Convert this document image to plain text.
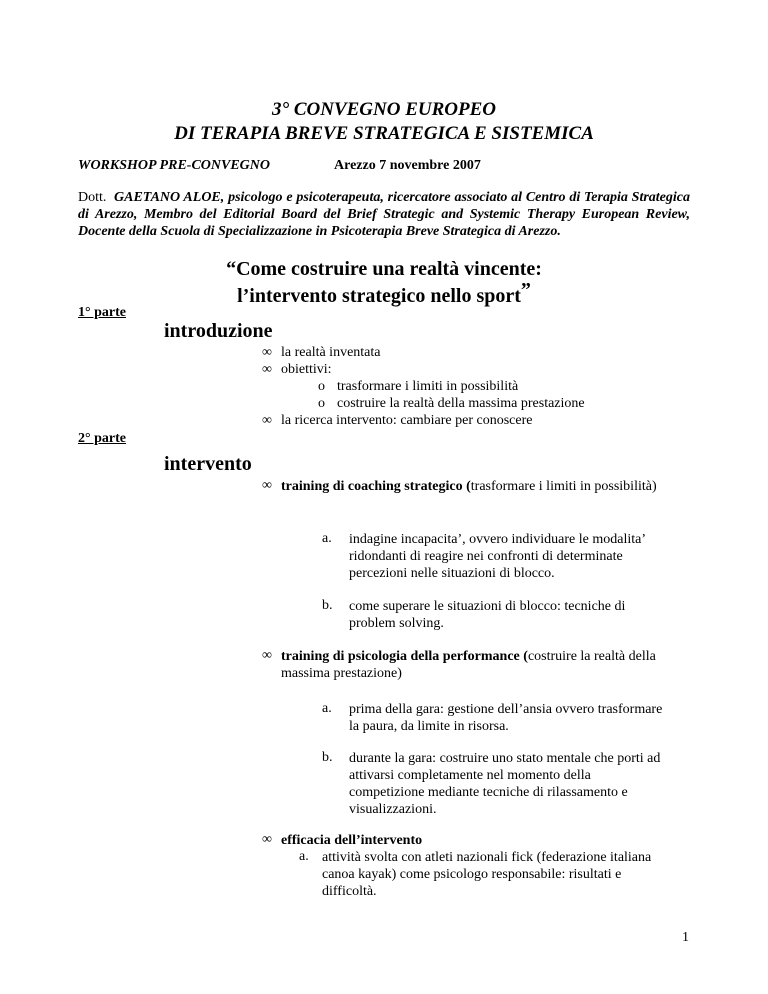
3° CONVEGNO EUROPEO
DI TERAPIA BREVE STRATEGICA E SISTEMICA
WORKSHOP PRE-CONVEGNO	Arezzo 7 novembre 2007
Dott. GAETANO ALOE, psicologo e psicoterapeuta, ricercatore associato al Centro di Terapia Strategica di Arezzo, Membro del Editorial Board del Brief Strategic and Systemic Therapy European Review, Docente della Scuola di Specializzazione in Psicoterapia Breve Strategica di Arezzo.
“Come costruire una realtà vincente:
l’intervento strategico nello sport”
1° parte
introduzione
∞ la realtà inventata
∞ obiettivi:
o trasformare i limiti in possibilità
o costruire la realtà della massima prestazione
∞ la ricerca intervento: cambiare per conoscere
2° parte
intervento
∞ training di coaching strategico (trasformare i limiti in possibilità)
a. indagine incapacita’, ovvero individuare le modalita’ ridondanti di reagire nei confronti di determinate percezioni nelle situazioni di blocco.
b. come superare le situazioni di blocco: tecniche di problem solving.
∞ training di psicologia della performance (costruire la realtà della massima prestazione)
a. prima della gara: gestione dell’ansia ovvero trasformare la paura, da limite in risorsa.
b. durante la gara: costruire uno stato mentale che porti ad attivarsi completamente nel momento della competizione mediante tecniche di rilassamento e visualizzazioni.
∞ efficacia dell’intervento
a. attività svolta con atleti nazionali fick (federazione italiana canoa kayak) come psicologo responsabile: risultati e difficoltà.
1
